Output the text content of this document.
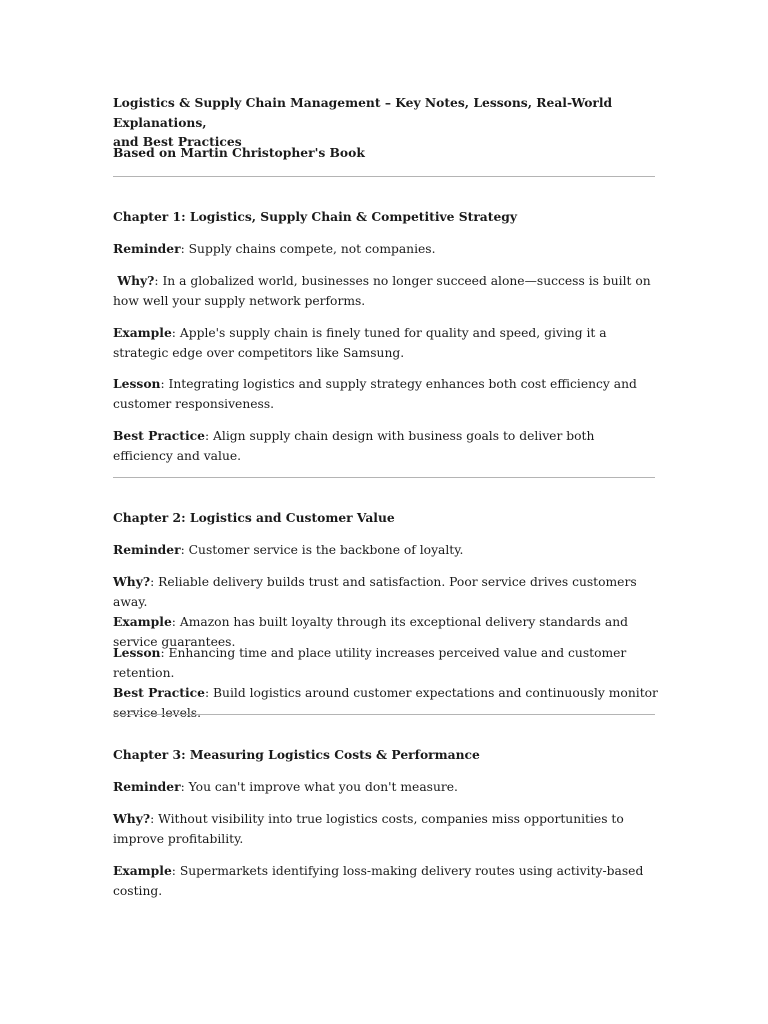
Logistics & Supply Chain Management – Key Notes, Lessons, Real-World Explanations,
and Best Practices

Based on Martin Christopher's Book

Chapter 1: Logistics, Supply Chain & Competitive Strategy

Reminder: Supply chains compete, not companies.

Why?: In a globalized world, businesses no longer succeed alone—success is built on how well your supply network performs.

Example: Apple's supply chain is finely tuned for quality and speed, giving it a strategic edge over competitors like Samsung.

Lesson: Integrating logistics and supply strategy enhances both cost efficiency and customer responsiveness.

Best Practice: Align supply chain design with business goals to deliver both efficiency and value.

Chapter 2: Logistics and Customer Value

Reminder: Customer service is the backbone of loyalty.

Why?: Reliable delivery builds trust and satisfaction. Poor service drives customers away.
Example: Amazon has built loyalty through its exceptional delivery standards and service guarantees.

Lesson: Enhancing time and place utility increases perceived value and customer retention.
Best Practice: Build logistics around customer expectations and continuously monitor service levels.

Chapter 3: Measuring Logistics Costs & Performance

Reminder: You can't improve what you don't measure.

Why?: Without visibility into true logistics costs, companies miss opportunities to improve profitability.

Example: Supermarkets identifying loss-making delivery routes using activity-based costing.
